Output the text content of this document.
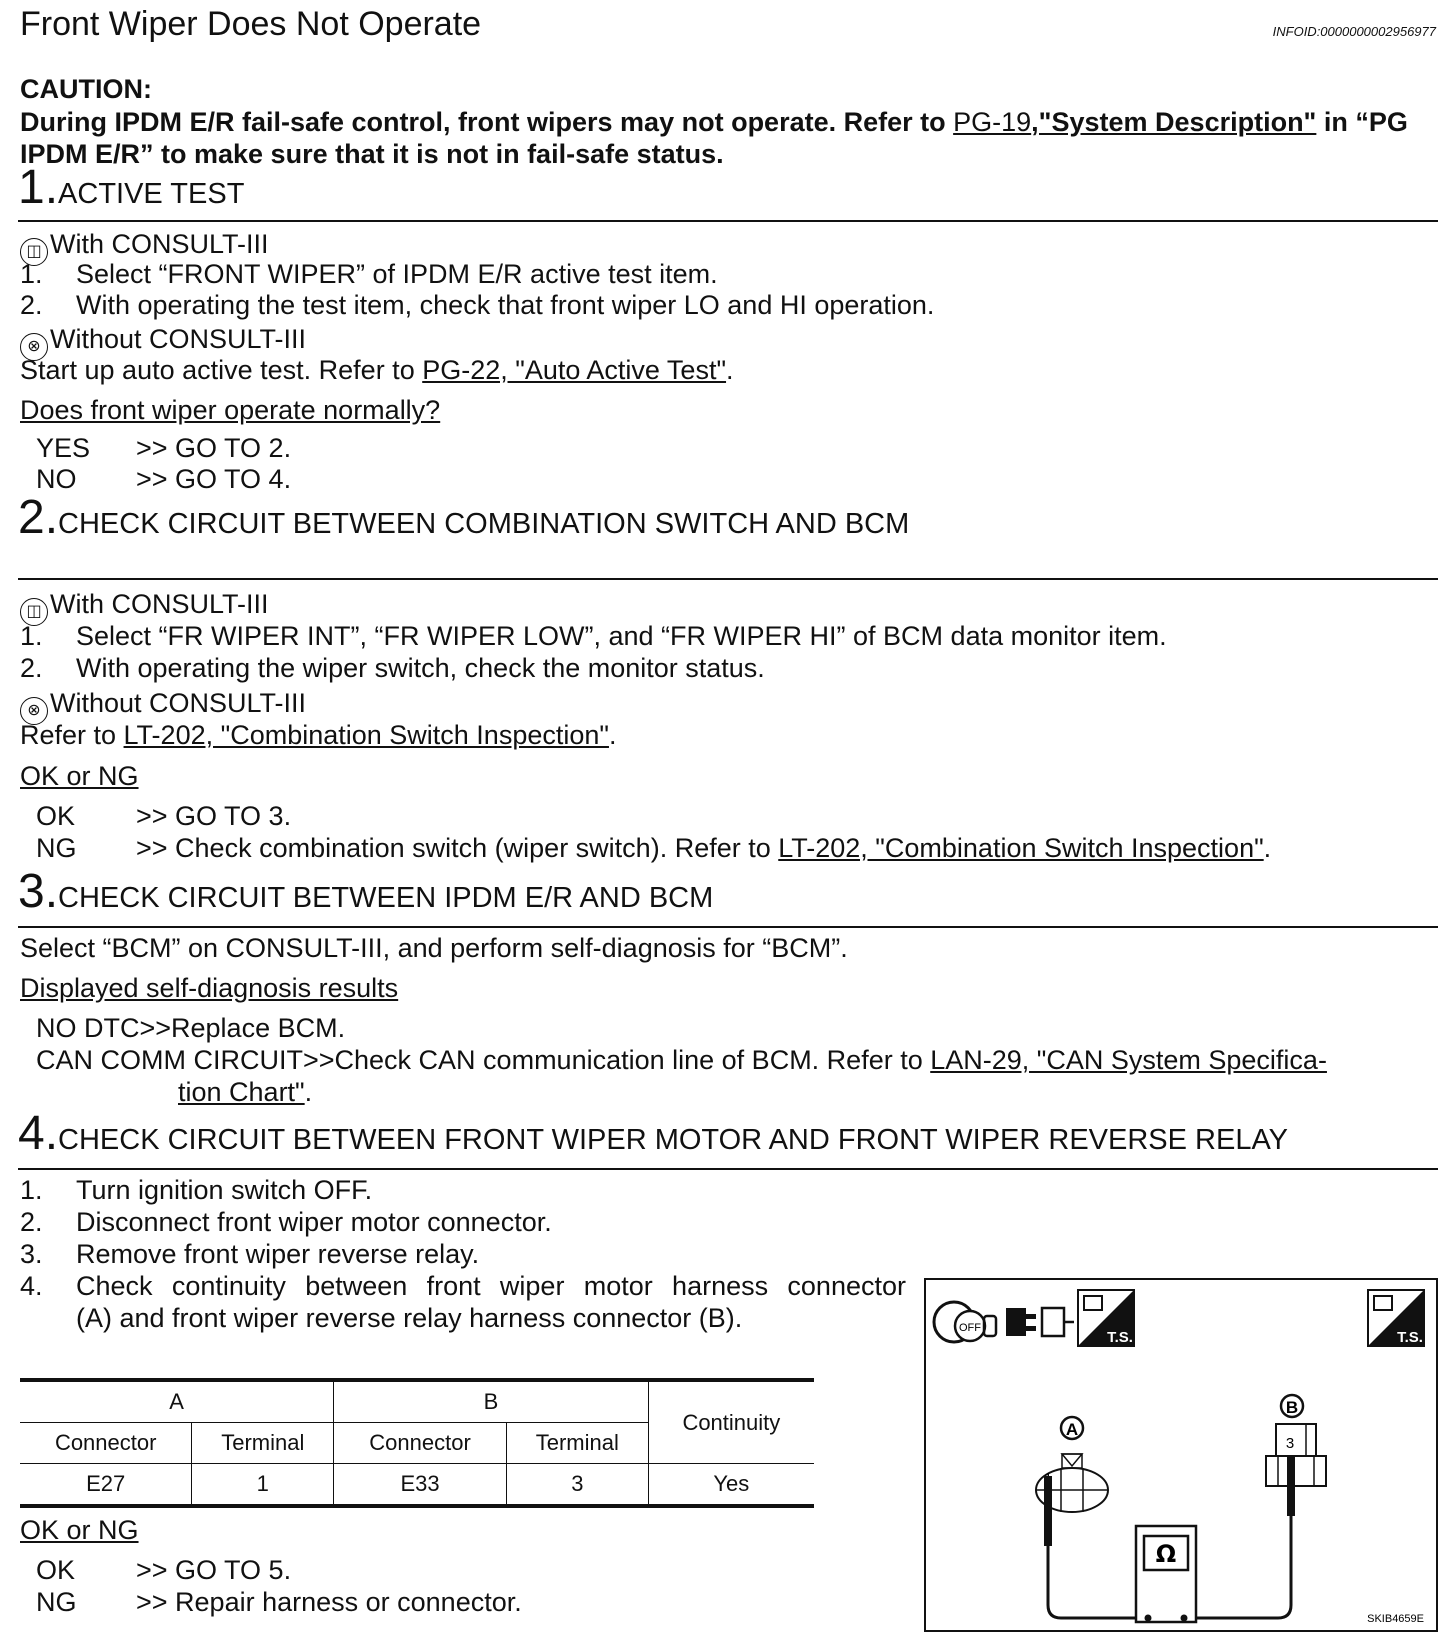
Front Wiper Does Not Operate	INFOID:0000000002956977
CAUTION:
During IPDM E/R fail-safe control, front wipers may not operate. Refer to PG-19,"System Description" in “PG IPDM E/R” to make sure that it is not in fail-safe status.
1.ACTIVE TEST
◫ With CONSULT-III
1. Select “FRONT WIPER” of IPDM E/R active test item.
2. With operating the test item, check that front wiper LO and HI operation.
⊗ Without CONSULT-III
Start up auto active test. Refer to PG-22, "Auto Active Test".
Does front wiper operate normally?
YES >> GO TO 2.
NO >> GO TO 4.
2.CHECK CIRCUIT BETWEEN COMBINATION SWITCH AND BCM
◫ With CONSULT-III
1. Select “FR WIPER INT”, “FR WIPER LOW”, and “FR WIPER HI” of BCM data monitor item.
2. With operating the wiper switch, check the monitor status.
⊗ Without CONSULT-III
Refer to LT-202, "Combination Switch Inspection".
OK or NG
OK >> GO TO 3.
NG >> Check combination switch (wiper switch). Refer to LT-202, "Combination Switch Inspection".
3.CHECK CIRCUIT BETWEEN IPDM E/R AND BCM
Select “BCM” on CONSULT-III, and perform self-diagnosis for “BCM”.
Displayed self-diagnosis results
NO DTC>>Replace BCM.
CAN COMM CIRCUIT>>Check CAN communication line of BCM. Refer to LAN-29, "CAN System Specifica-
tion Chart".
4.CHECK CIRCUIT BETWEEN FRONT WIPER MOTOR AND FRONT WIPER REVERSE RELAY
1. Turn ignition switch OFF.
2. Disconnect front wiper motor connector.
3. Remove front wiper reverse relay.
4. Check continuity between front wiper motor harness connector
(A) and front wiper reverse relay harness connector (B).
A		B		Continuity
Connector	Terminal	Connector	Terminal	
E27	1	E33	3	Yes
OK or NG
OK >> GO TO 5.
NG >> Repair harness or connector.
OFF
T.S.	T.S.
A
B
3
Ω
SKIB4659E
